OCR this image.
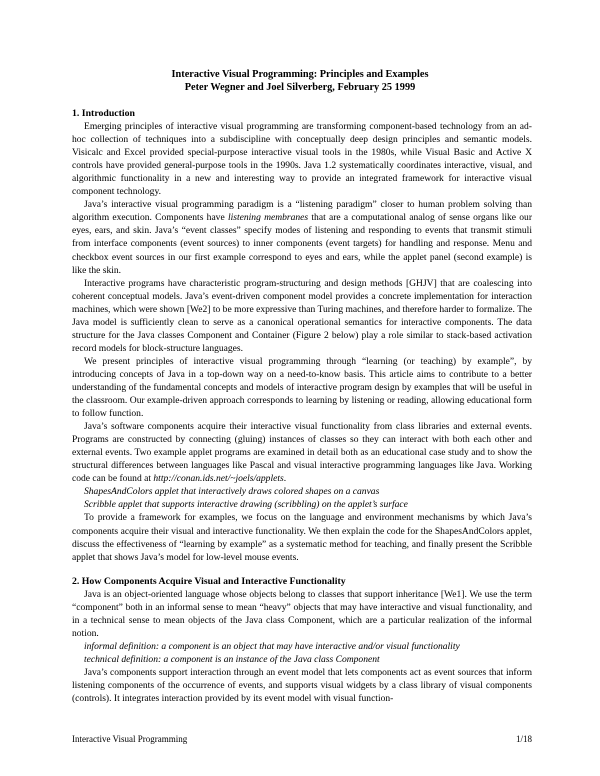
Interactive Visual Programming: Principles and Examples
Peter Wegner and Joel Silverberg, February 25 1999
1. Introduction
Emerging principles of interactive visual programming are transforming component-based technology from an ad-hoc collection of techniques into a subdiscipline with conceptually deep design principles and semantic models. Visicalc and Excel provided special-purpose interactive visual tools in the 1980s, while Visual Basic and Active X controls have provided general-purpose tools in the 1990s. Java 1.2 systematically coordinates interactive, visual, and algorithmic functionality in a new and interesting way to provide an integrated framework for interactive visual component technology.
Java’s interactive visual programming paradigm is a “listening paradigm” closer to human problem solving than algorithm execution. Components have listening membranes that are a computational analog of sense organs like our eyes, ears, and skin. Java’s “event classes” specify modes of listening and responding to events that transmit stimuli from interface components (event sources) to inner components (event targets) for handling and response. Menu and checkbox event sources in our first example correspond to eyes and ears, while the applet panel (second example) is like the skin.
Interactive programs have characteristic program-structuring and design methods [GHJV] that are coalescing into coherent conceptual models. Java’s event-driven component model provides a concrete implementation for interaction machines, which were shown [We2] to be more expressive than Turing machines, and therefore harder to formalize. The Java model is sufficiently clean to serve as a canonical operational semantics for interactive components. The data structure for the Java classes Component and Container (Figure 2 below) play a role similar to stack-based activation record models for block-structure languages.
We present principles of interactive visual programming through “learning (or teaching) by example”, by introducing concepts of Java in a top-down way on a need-to-know basis. This article aims to contribute to a better understanding of the fundamental concepts and models of interactive program design by examples that will be useful in the classroom. Our example-driven approach corresponds to learning by listening or reading, allowing educational form to follow function.
Java’s software components acquire their interactive visual functionality from class libraries and external events. Programs are constructed by connecting (gluing) instances of classes so they can interact with both each other and external events. Two example applet programs are examined in detail both as an educational case study and to show the structural differences between languages like Pascal and visual interactive programming languages like Java. Working code can be found at http://conan.ids.net/~joels/applets.
ShapesAndColors applet that interactively draws colored shapes on a canvas
Scribble applet that supports interactive drawing (scribbling) on the applet’s surface
To provide a framework for examples, we focus on the language and environment mechanisms by which Java’s components acquire their visual and interactive functionality. We then explain the code for the ShapesAndColors applet, discuss the effectiveness of “learning by example” as a systematic method for teaching, and finally present the Scribble applet that shows Java’s model for low-level mouse events.
2. How Components Acquire Visual and Interactive Functionality
Java is an object-oriented language whose objects belong to classes that support inheritance [We1]. We use the term “component” both in an informal sense to mean “heavy” objects that may have interactive and visual functionality, and in a technical sense to mean objects of the Java class Component, which are a particular realization of the informal notion.
informal definition: a component is an object that may have interactive and/or visual functionality
technical definition: a component is an instance of the Java class Component
Java’s components support interaction through an event model that lets components act as event sources that inform listening components of the occurrence of events, and supports visual widgets by a class library of visual components (controls). It integrates interaction provided by its event model with visual function-
Interactive Visual Programming	1/18
